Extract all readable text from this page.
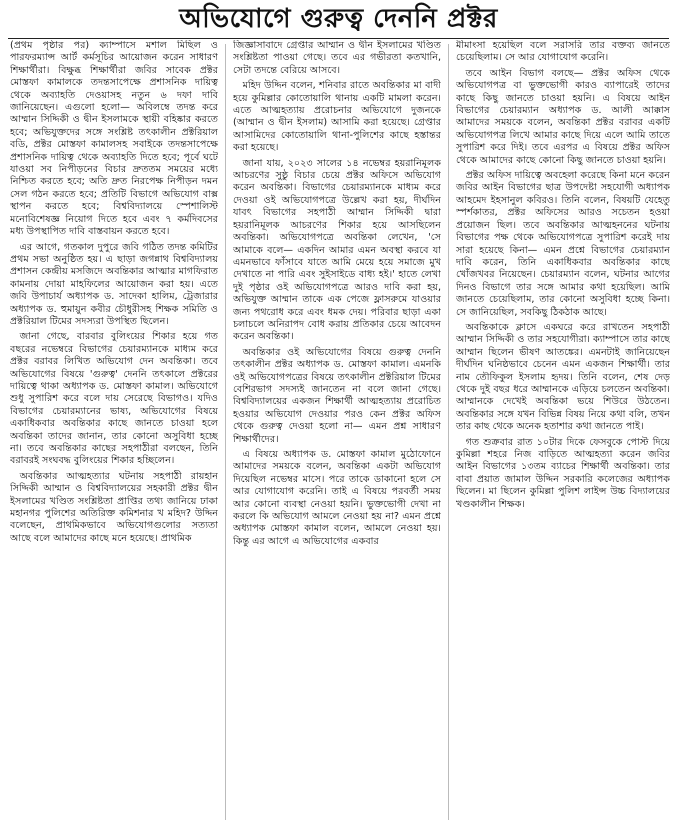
অভিযোগে গুরুত্ব দেননি প্রক্টর

(প্রথম পৃষ্ঠার পর) ক্যাম্পাসে মশাল মিছিল ও পারফরম্যান্স আর্ট কর্মসূচির আয়োজন করেন সাধারণ শিক্ষার্থীরা। বিক্ষুব্ধ শিক্ষার্থীরা জবির সাবেক প্রক্টর মোস্তফা কামালকে তদন্তসাপেক্ষে প্রশাসনিক দায়িত্ব থেকে অব্যাহতি দেওয়াসহ নতুন ৬ দফা দাবি জানিয়েছেন। এগুলো হলো— অবিলম্বে তদন্ত করে আম্মান সিদ্দিকী ও দ্বীন ইসলামকে স্থায়ী বহিষ্কার করতে হবে; অভিযুক্তদের সঙ্গে সংশ্লিষ্ট তৎকালীন প্রক্টরিয়াল বডি, প্রক্টর মোস্তফা কামালসহ সবাইকে তদন্তসাপেক্ষে প্রশাসনিক দায়িত্ব থেকে অব্যাহতি দিতে হবে; পূর্বে ঘটে যাওয়া সব নিপীড়নের বিচার দ্রুততম সময়ের মধ্যে নিশ্চিত করতে হবে; অতি দ্রুত নিরপেক্ষ নিপীড়ন দমন সেল গঠন করতে হবে; প্রতিটি বিভাগে অভিযোগ বাক্স স্থাপন করতে হবে; বিশ্ববিদ্যালয়ে স্পেশালিস্ট মনোবিশেষজ্ঞ নিয়োগ দিতে হবে এবং ৭ কর্মদিবসের মধ্য উপস্থাপিত দাবি বাস্তবায়ন করতে হবে।

এর আগে, গতকাল দুপুরে জবি গঠিত তদন্ত কমিটির প্রথম সভা অনুষ্ঠিত হয়। এ ছাড়া জগন্নাথ বিশ্ববিদ্যালয় প্রশাসন কেন্দ্রীয় মসজিদে অবন্তিকার আত্মার মাগফিরাত কামনায় দোয়া মাহফিলের আয়োজন করা হয়। এতে জবি উপাচার্য অধ্যাপক ড. সাদেকা হালিম, ট্রেজারার অধ্যাপক ড. হুমায়ুন কবীর চৌধুরীসহ শিক্ষক সমিতি ও প্রক্টরিয়াল টিমের সদস্যরা উপস্থিত ছিলেন।

জানা গেছে, বারবার বুলিংয়ের শিকার হয়ে গত বছরের নভেম্বরে বিভাগের চেয়ারম্যানকে মাধ্যম করে প্রক্টর বরাবর লিখিত অভিযোগ দেন অবন্তিকা। তবে অভিযোগের বিষয়ে 'গুরুত্ব' দেননি তৎকালে প্রক্টরের দায়িত্বে থাকা অধ্যাপক ড. মোস্তফা কামাল। অভিযোগে শুধু সুপারিশ করে বলে দায় সেরেছে বিভাগও। যদিও বিভাগের চেয়ারম্যানের ভাষ্য, অভিযোগের বিষয়ে একাধিকবার অবন্তিকার কাছে জানতে চাওয়া হলে অবন্তিকা তাদের জানান, তার কোনো অসুবিধা হচ্ছে না। তবে অবন্তিকার কাছের সহপাঠীরা বলছেন, তিনি বরাবরই সংঘবদ্ধ বুলিংয়ের শিকার হচ্ছিলেন।

অবন্তিকার আত্মহত্যার ঘটনায় সহপাঠী রায়হান সিদ্দিকী আম্মান ও বিশ্ববিদ্যালয়ের সহকারী প্রক্টর দ্বীন ইসলামের খণ্ডিত সংশ্লিষ্টতা প্রাপ্তির তথ্য জানিয়ে ঢাকা মহানগর পুলিশের অতিরিক্ত কমিশনার খ মহিদ? উদ্দিন বলেছেন, প্রাথমিকভাবে অভিযোগগুলোর সত্যতা আছে বলে আমাদের কাছে মনে হয়েছে। প্রাথমিক

জিজ্ঞাসাবাদে গ্রেপ্তার আম্মান ও দ্বীন ইসলামের খণ্ডিত সংশ্লিষ্টতা পাওয়া গেছে। তবে এর গভীরতা কতখানি, সেটা তদন্তে বেরিয়ে আসবে।

মহিদ উদ্দিন বলেন, শনিবার রাতে অবন্তিকার মা বাদী হয়ে কুমিল্লার কোতোয়ালি থানায় একটি মামলা করেন। এতে আত্মহত্যায় প্ররোচনার অভিযোগে দুজনকে (আম্মান ও দ্বীন ইসলাম) আসামি করা হয়েছে। গ্রেপ্তার আসামিদের কোতোয়ালি থানা-পুলিশের কাছে হস্তান্তর করা হয়েছে।

জানা যায়, ২০২৩ সালের ১৪ নভেম্বর হয়রানিমূলক আচরণের সুষ্ঠু বিচার চেয়ে প্রক্টর অফিসে অভিযোগ করেন অবন্তিকা। বিভাগের চেয়ারম্যানকে মাধ্যম করে দেওয়া ওই অভিযোগপত্রে উল্লেখ করা হয়, দীর্ঘদিন যাবৎ বিভাগের সহপাঠী আম্মান সিদ্দিকী দ্বারা হয়রানিমূলক আচরণের শিকার হয়ে আসছিলেন অবন্তিকা। অভিযোগপত্রে অবন্তিকা লেখেন, 'সে আমাকে বলে— একদিন আমার এমন অবস্থা করবে যা এমনভাবে ফাঁসাবে যাতে আমি মেয়ে হয়ে সমাজে মুখ দেখাতে না পারি এবং সুইসাইডে বাধ্য হই।' হাতে লেখা দুই পৃষ্ঠার ওই অভিযোগপত্রে আরও দাবি করা হয়, অভিযুক্ত আম্মান তাকে এক পেজে ফ্লাসরুমে যাওয়ার জন্য পথরোধ করে এবং ধমক দেয়। পরিবার ছাড়া একা চলাচলে অনিরাপদ বোধ করায় প্রতিকার চেয়ে আবেদন করেন অবন্তিকা।

অবন্তিকার ওই অভিযোগের বিষয়ে গুরুত্ব দেননি তৎকালীন প্রক্টর অধ্যাপক ড. মোস্তফা কামাল। এমনকি ওই অভিযোগপত্রের বিষয়ে তৎকালীন প্রক্টরিয়াল টিমের বেশিরভাগ সদস্যই জানতেন না বলে জানা গেছে। বিশ্ববিদ্যালয়ের একজন শিক্ষার্থী আত্মহত্যায় প্ররোচিত হওয়ার অভিযোগ দেওয়ার পরও কেন প্রক্টর অফিস থেকে গুরুত্ব দেওয়া হলো না— এমন প্রশ্ন সাধারণ শিক্ষার্থীদের।

এ বিষয়ে অধ্যাপক ড. মোস্তফা কামাল মুঠোফোনে আমাদের সময়কে বলেন, অবন্তিকা একটা অভিযোগ দিয়েছিল নভেম্বর মাসে। পরে তাকে ডাকানো হলে সে আর যোগাযোগ করেনি। তাই এ বিষয়ে পরবর্তী সময় আর কোনো ব্যবস্থা নেওয়া হয়নি। ভুক্তভোগী দেখা না করলে কি অভিযোগ আমলে নেওয়া হয় না? এমন প্রশ্নে অধ্যাপক মোস্তফা কামাল বলেন, আমলে নেওয়া হয়। কিন্তু এর আগে এ অভিযোগের একবার

মীমাংসা হয়েছিল বলে সরাসরি তার বক্তব্য জানতে চেয়েছিলাম। সে আর যোগাযোগ করেনি।

তবে আইন বিভাগ বলছে— প্রক্টর অফিস থেকে অভিযোগপত্র বা ভুক্তভোগী কারও ব্যাপারেই তাদের কাছে কিছু জানতে চাওয়া হয়নি। এ বিষয়ে আইন বিভাগের চেয়ারম্যান অধ্যাপক ড. আলী আক্কাস আমাদের সময়কে বলেন, অবন্তিকা প্রক্টর বরাবর একটি অভিযোগপত্র লিখে আমার কাছে দিয়ে এলে আমি তাতে সুপারিশ করে দিই। তবে এরপর এ বিষয়ে প্রক্টর অফিস থেকে আমাদের কাছে কোনো কিছু জানতে চাওয়া হয়নি।

প্রক্টর অফিস দায়িত্বে অবহেলা করেছে কিনা মনে করেন জবির আইন বিভাগের ছাত্র উপদেষ্টা সহযোগী অধ্যাপক আহমেদ ইহসানুল কবিরও। তিনি বলেন, বিষয়টি যেহেতু স্পর্শকাতর, প্রক্টর অফিসের আরও সচেতন হওয়া প্রয়োজন ছিল। তবে অবন্তিকার আত্মহননের ঘটনায় বিভাগের পক্ষ থেকে অভিযোগপত্রে সুপারিশ করেই দায় সারা হয়েছে কিনা— এমন প্রশ্নে বিভাগের চেয়ারম্যান দাবি করেন, তিনি একাধিকবার অবন্তিকার কাছে খোঁজখবর নিয়েছেন। চেয়ারম্যান বলেন, ঘটনার আগের দিনও বিভাগে তার সঙ্গে আমার কথা হয়েছিল। আমি জানতে চেয়েছিলাম, তার কোনো অসুবিধা হচ্ছে কিনা। সে জানিয়েছিল, সবকিছু ঠিকঠাক আছে।

অবন্তিকাকে ক্লাসে একঘরে করে রাখতেন সহপাঠী আম্মান সিদ্দিকী ও তার সহযোগীরা। ক্যাম্পাসে তার কাছে আম্মান ছিলেন ভীষণ আতঙ্কের। এমনটাই জানিয়েছেন দীর্ঘদিন ঘনিষ্ঠভাবে চেনেন এমন একজন শিক্ষার্থী। তার নাম তৌফিকুল ইসলাম হৃদয়। তিনি বলেন, শেষ দেড় থেকে দুই বছর ধরে আম্মানকে এড়িয়ে চলতেন অবন্তিকা। আম্মানকে দেখেই অবন্তিকা ভয়ে শিউরে উঠতেন। অবন্তিকার সঙ্গে যখন বিভিন্ন বিষয় নিয়ে কথা বলি, তখন তার কাছ থেকে অনেক হতাশার কথা জানতে পাই।

গত শুক্রবার রাত ১০টার দিকে ফেসবুকে পোস্ট দিয়ে কুমিল্লা শহরে নিজ বাড়িতে আত্মহত্যা করেন জবির আইন বিভাগের ১৩তম ব্যাচের শিক্ষার্থী অবন্তিকা। তার বাবা প্রয়াত জামাল উদ্দিন সরকারি কলেজের অধ্যাপক ছিলেন। মা ছিলেন কুমিল্লা পুলিশ লাইন্স উচ্চ বিদ্যালয়ের খণ্ডকালীন শিক্ষক।
